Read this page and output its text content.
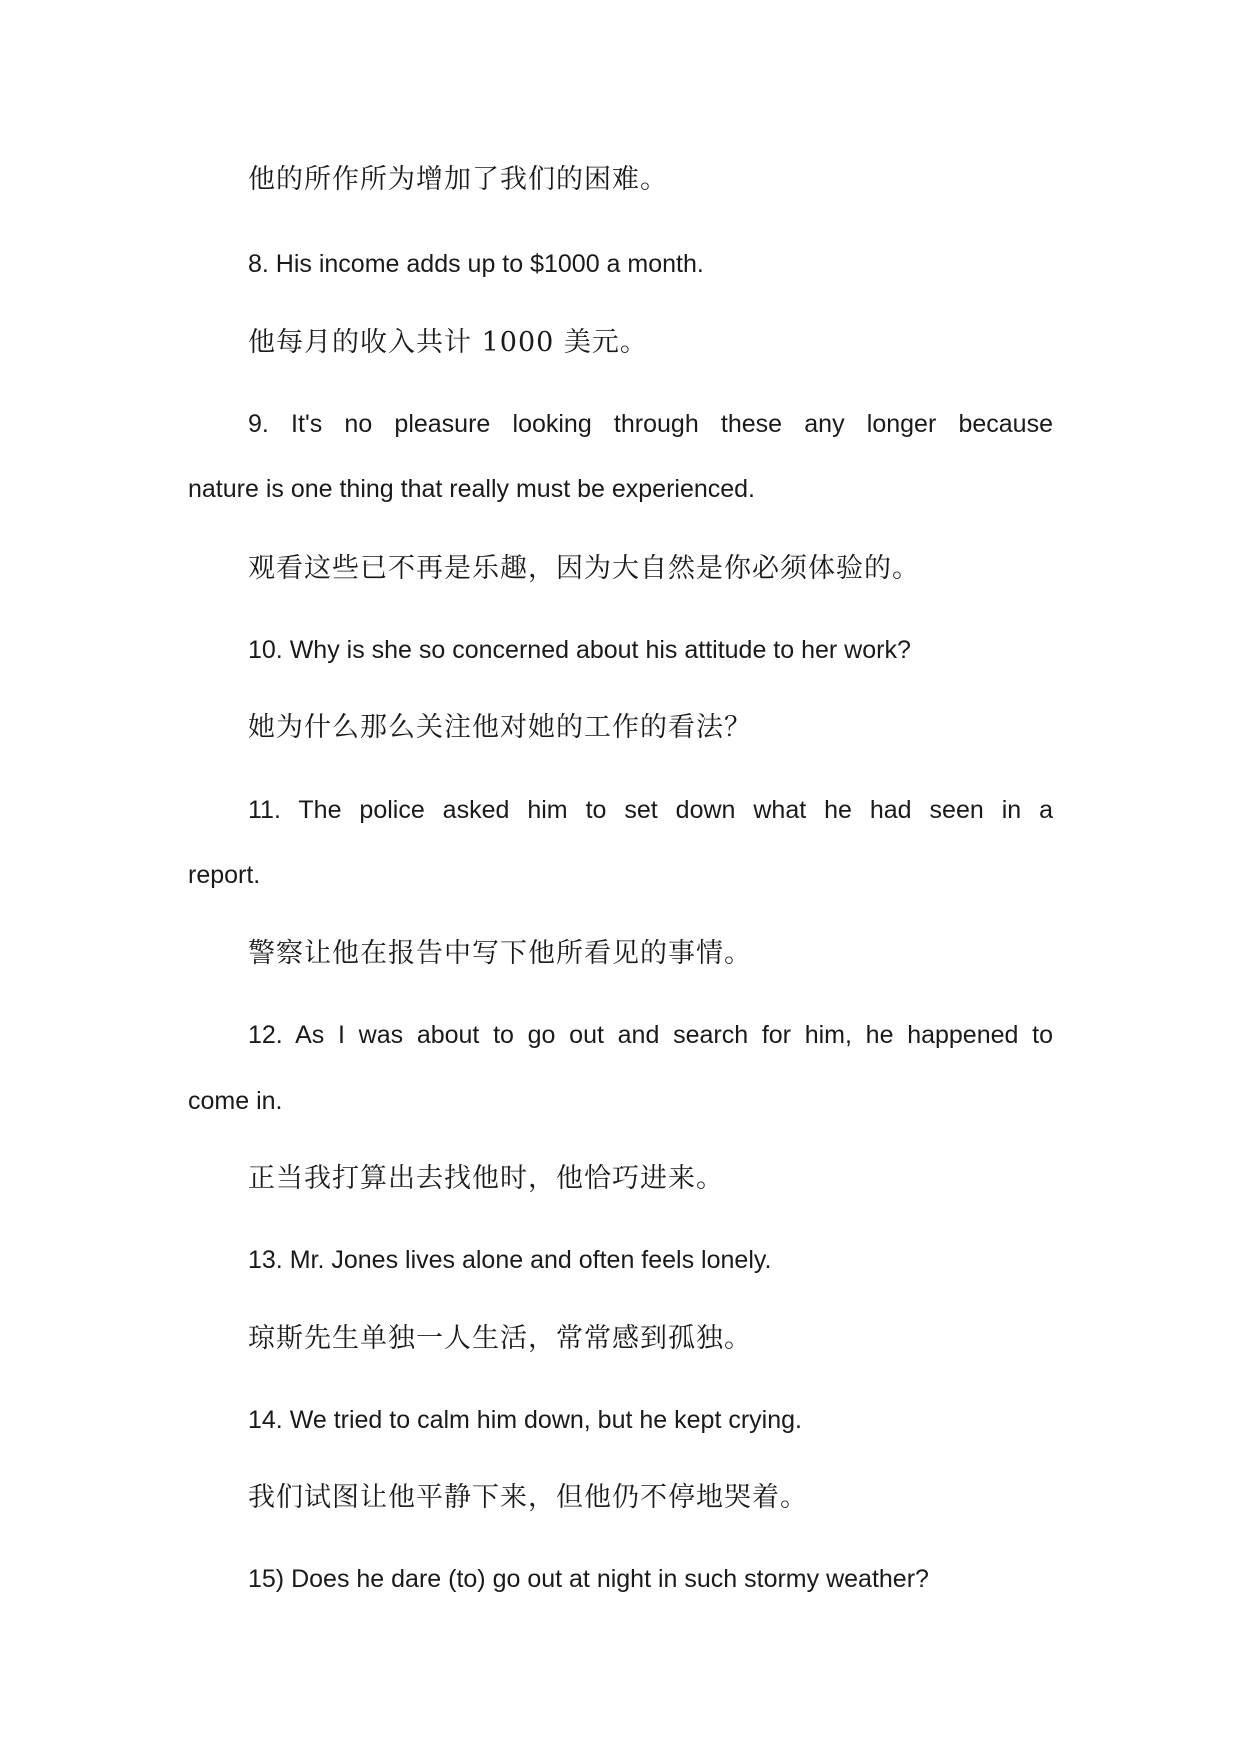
他的所作所为增加了我们的困难。
8. His income adds up to $1000 a month.
他每月的收入共计 1000 美元。
9. It's no pleasure looking through these any longer because
nature is one thing that really must be experienced.
观看这些已不再是乐趣，因为大自然是你必须体验的。
10. Why is she so concerned about his attitude to her work?
她为什么那么关注他对她的工作的看法？
11. The police asked him to set down what he had seen in a
report.
警察让他在报告中写下他所看见的事情。
12. As I was about to go out and search for him, he happened to
come in.
正当我打算出去找他时，他恰巧进来。
13. Mr. Jones lives alone and often feels lonely.
琼斯先生单独一人生活，常常感到孤独。
14. We tried to calm him down, but he kept crying.
我们试图让他平静下来，但他仍不停地哭着。
15) Does he dare (to) go out at night in such stormy weather?
